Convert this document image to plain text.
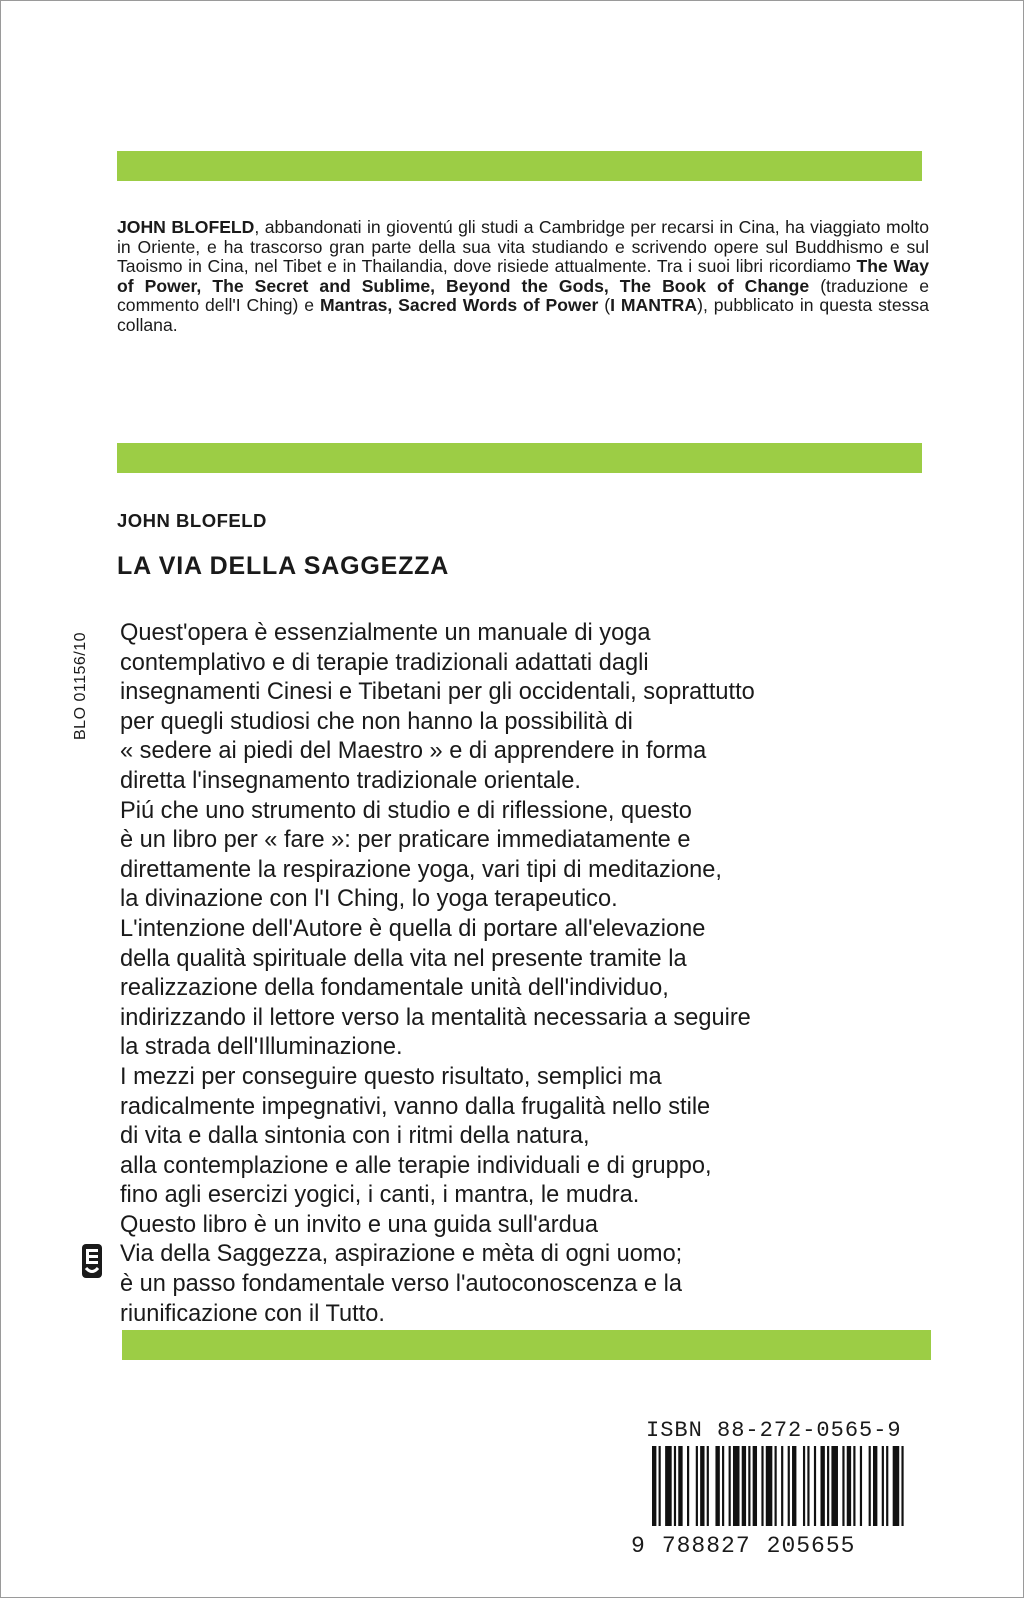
JOHN BLOFELD, abbandonati in gioventú gli studi a Cambridge per recarsi in Cina, ha viaggiato molto in Oriente, e ha trascorso gran parte della sua vita studiando e scrivendo opere sul Buddhismo e sul Taoismo in Cina, nel Tibet e in Thailandia, dove risiede attualmente. Tra i suoi libri ricordiamo The Way of Power, The Secret and Sublime, Beyond the Gods, The Book of Change (traduzione e commento dell'I Ching) e Mantras, Sacred Words of Power (I MANTRA), pubblicato in questa stessa collana.

JOHN BLOFELD
LA VIA DELLA SAGGEZZA
BLO 01156/10 Quest'opera è essenzialmente un manuale di yoga
contemplativo e di terapie tradizionali adattati dagli
insegnamenti Cinesi e Tibetani per gli occidentali, soprattutto
per quegli studiosi che non hanno la possibilità di
« sedere ai piedi del Maestro » e di apprendere in forma
diretta l'insegnamento tradizionale orientale.
Piú che uno strumento di studio e di riflessione, questo
è un libro per « fare »: per praticare immediatamente e
direttamente la respirazione yoga, vari tipi di meditazione,
la divinazione con l'I Ching, lo yoga terapeutico.
L'intenzione dell'Autore è quella di portare all'elevazione
della qualità spirituale della vita nel presente tramite la
realizzazione della fondamentale unità dell'individuo,
indirizzando il lettore verso la mentalità necessaria a seguire
la strada dell'Illuminazione.
I mezzi per conseguire questo risultato, semplici ma
radicalmente impegnativi, vanno dalla frugalità nello stile
di vita e dalla sintonia con i ritmi della natura,
alla contemplazione e alle terapie individuali e di gruppo,
fino agli esercizi yogici, i canti, i mantra, le mudra.
Questo libro è un invito e una guida sull'ardua
Via della Saggezza, aspirazione e mèta di ogni uomo;
è un passo fondamentale verso l'autoconoscenza e la
riunificazione con il Tutto.

ISBN 88-272-0565-9
9 788827 205655
